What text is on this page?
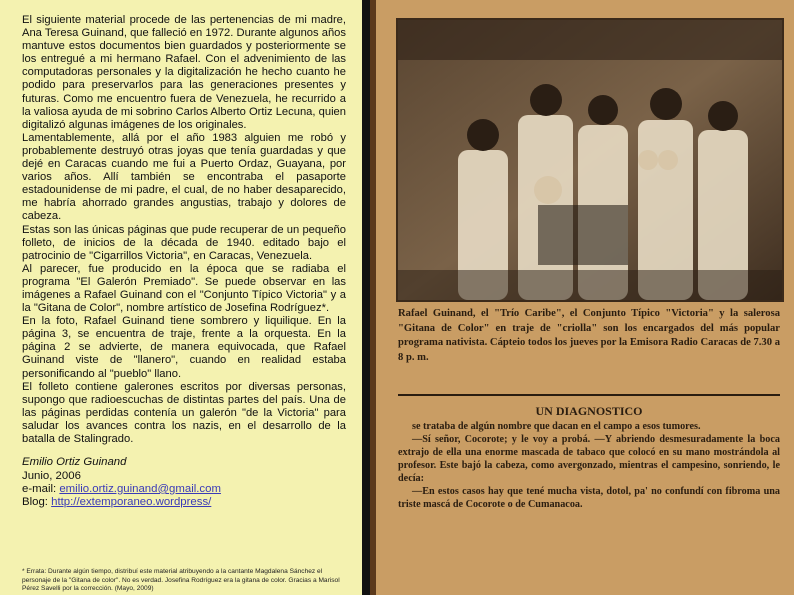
El siguiente material procede de las pertenencias de mi madre, Ana Teresa Guinand, que falleció en 1972. Durante algunos años mantuve estos documentos bien guardados y posteriormente se los entregué a mi hermano Rafael. Con el advenimiento de las computadoras personales y la digitalización he hecho cuanto he podido para preservarlos para las generaciones presentes y futuras. Como me encuentro fuera de Venezuela, he recurrido a la valiosa ayuda de mi sobrino Carlos Alberto Ortiz Lecuna, quien digitalizó algunas imágenes de los originales.

Lamentablemente, allá por el año 1983 alguien me robó y probablemente destruyó otras joyas que tenía guardadas y que dejé en Caracas cuando me fui a Puerto Ordaz, Guayana, por varios años. Allí también se encontraba el pasaporte estadounidense de mi padre, el cual, de no haber desaparecido, me habría ahorrado grandes angustias, trabajo y dolores de cabeza.

Estas son las únicas páginas que pude recuperar de un pequeño folleto, de inicios de la década de 1940. editado bajo el patrocinio de "Cigarrillos Victoria", en Caracas, Venezuela.

Al parecer, fue producido en la época que se radiaba el programa "El Galerón Premiado". Se puede observar en las imágenes a Rafael Guinand con el "Conjunto Típico Victoria" y a la "Gitana de Color", nombre artístico de Josefina Rodríguez*.

En la foto, Rafael Guinand tiene sombrero y liquilique. En la página 3, se encuentra de traje, frente a la orquesta. En la página 2 se advierte, de manera equivocada, que Rafael Guinand viste de "llanero", cuando en realidad estaba personificando al "pueblo" llano.

El folleto contiene galerones escritos por diversas personas, supongo que radioescuchas de distintas partes del país. Una de las páginas perdidas contenía un galerón "de la Victoria" para saludar los avances contra los nazis, en el desarrollo de la batalla de Stalingrado.

Emilio Ortiz Guinand
Junio, 2006
e-mail: emilio.ortiz.guinand@gmail.com
Blog: http://extemporaneo.wordpress/
* Errata: Durante algún tiempo, distribuí este material atribuyendo a la cantante Magdalena Sánchez el personaje de la "Gitana de color". No es verdad. Josefina Rodríguez era la gitana de color. Gracias a Marisol Pérez Savelli por la corrección. (Mayo, 2009)
Rafael Guinand, el "Trío Caribe", el Conjunto Típico "Victoria" y la salerosa "Gitana de Color" en traje de "criolla" son los encargados del más popular programa nativista. Cápteio todos los jueves por la Emisora Radio Caracas de 7.30 a 8 p. m.
UN DIAGNOSTICO

se trataba de algún nombre que dacan en el campo a esos tumores.

—Sí señor, Cocorote; y le voy a probá. —Y abriendo desmesuradamente la boca extrajo de ella una enorme mascada de tabaco que colocó en su mano mostrándola al profesor. Este bajó la cabeza, como avergonzado, mientras el campesino, sonriendo, le decía:

—En estos casos hay que tené mucha vista, dotol, pa' no confundí con fibroma una triste mascá de Cocorote o de Cumanacoa.
